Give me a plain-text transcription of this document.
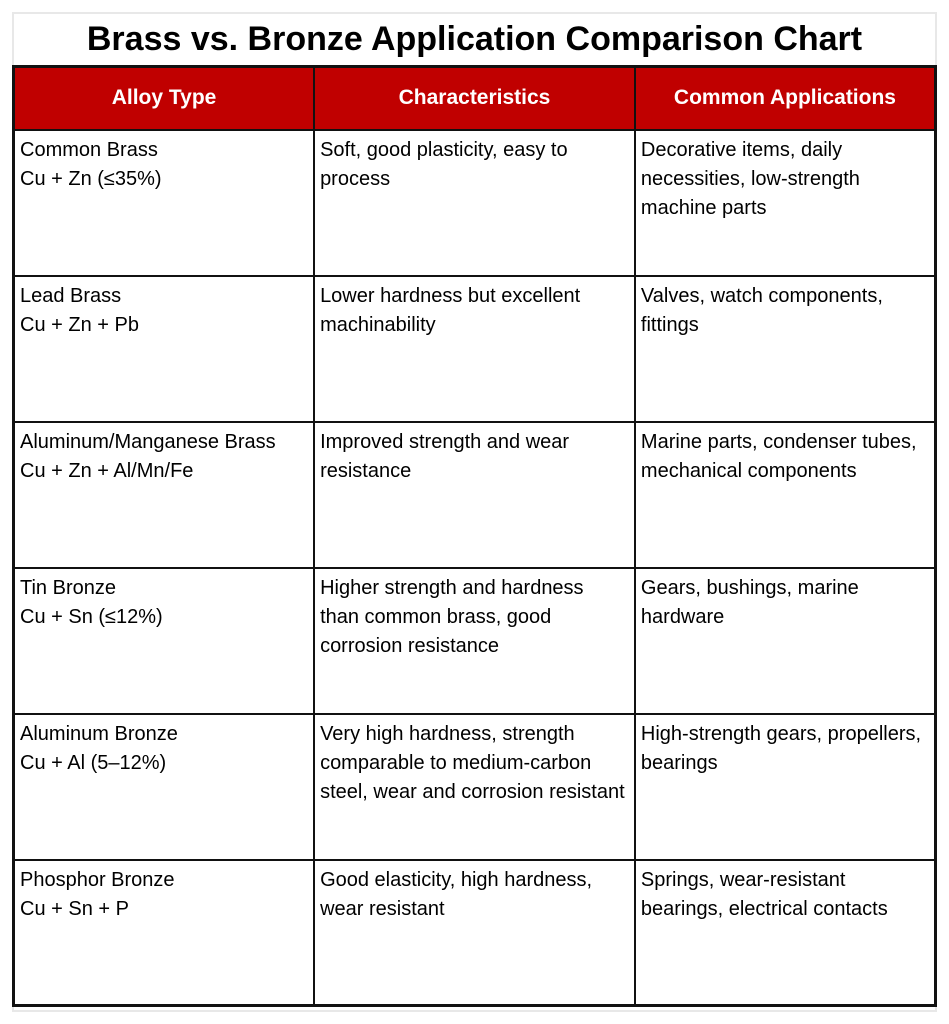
Brass vs. Bronze Application Comparison Chart
Alloy Type	Characteristics	Common Applications

Common Brass
Cu + Zn (≤35%)	Soft, good plasticity, easy to process	Decorative items, daily necessities, low-strength machine parts

Lead Brass
Cu + Zn + Pb	Lower hardness but excellent machinability	Valves, watch components, fittings

Aluminum/Manganese Brass
Cu + Zn + Al/Mn/Fe	Improved strength and wear resistance	Marine parts, condenser tubes, mechanical components

Tin Bronze
Cu + Sn (≤12%)	Higher strength and hardness than common brass, good corrosion resistance	Gears, bushings, marine hardware

Aluminum Bronze
Cu + Al (5–12%)	Very high hardness, strength comparable to medium-carbon steel, wear and corrosion resistant	High-strength gears, propellers, bearings

Phosphor Bronze
Cu + Sn + P	Good elasticity, high hardness, wear resistant	Springs, wear-resistant bearings, electrical contacts
